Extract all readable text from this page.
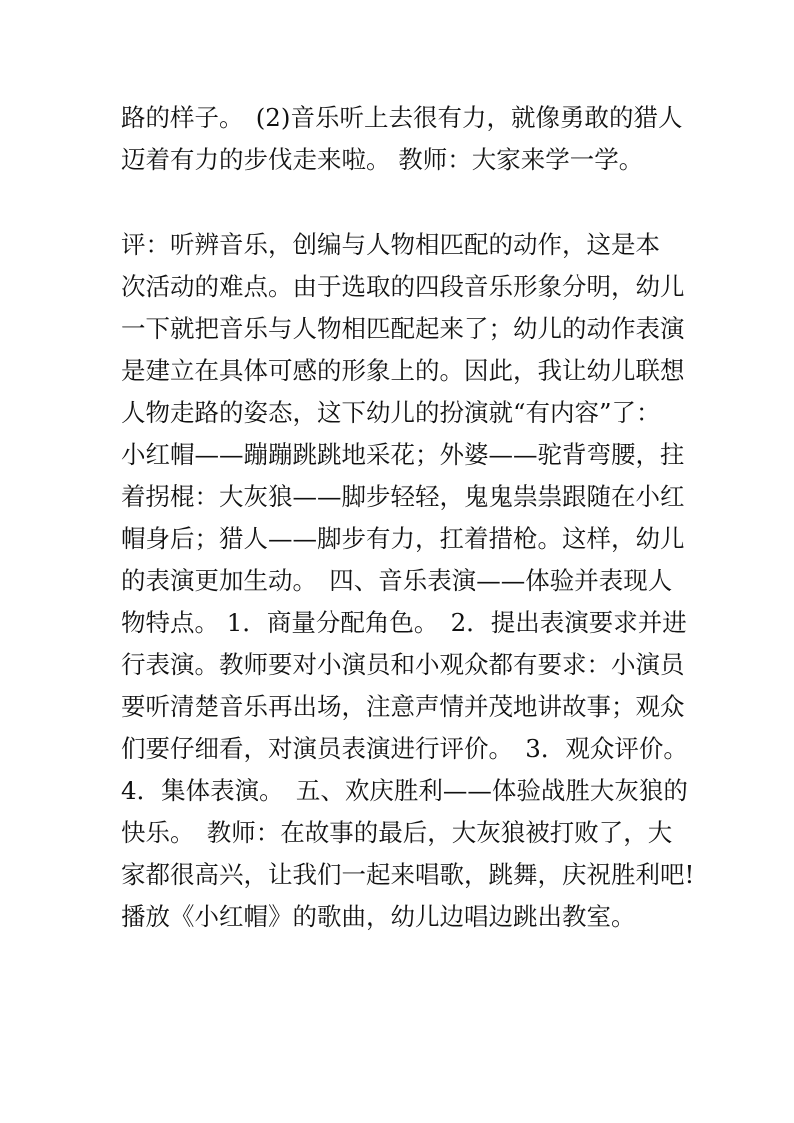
路的样子。　(2)音乐听上去很有力，就像勇敢的猎人
迈着有力的步伐走来啦。 教师：大家来学一学。
评：听辨音乐，创编与人物相匹配的动作，这是本
次活动的难点。由于选取的四段音乐形象分明，幼儿
一下就把音乐与人物相匹配起来了；幼儿的动作表演
是建立在具体可感的形象上的。因此，我让幼儿联想
人物走路的姿态，这下幼儿的扮演就“有内容”了：
小红帽——蹦蹦跳跳地采花；外婆——驼背弯腰，拄
着拐棍：大灰狼——脚步轻轻，鬼鬼祟祟跟随在小红
帽身后；猎人——脚步有力，扛着措枪。这样，幼儿
的表演更加生动。　四、音乐表演——体验并表现人
物特点。 1．商量分配角色。　2．提出表演要求并进
行表演。教师要对小演员和小观众都有要求：小演员
要听清楚音乐再出场，注意声情并茂地讲故事；观众
们要仔细看，对演员表演进行评价。　3．观众评价。
4．集体表演。　五、欢庆胜利——体验战胜大灰狼的
快乐。　教师：在故事的最后，大灰狼被打败了，大
家都很高兴，让我们一起来唱歌，跳舞，庆祝胜利吧!
播放《小红帽》的歌曲，幼儿边唱边跳出教室。
